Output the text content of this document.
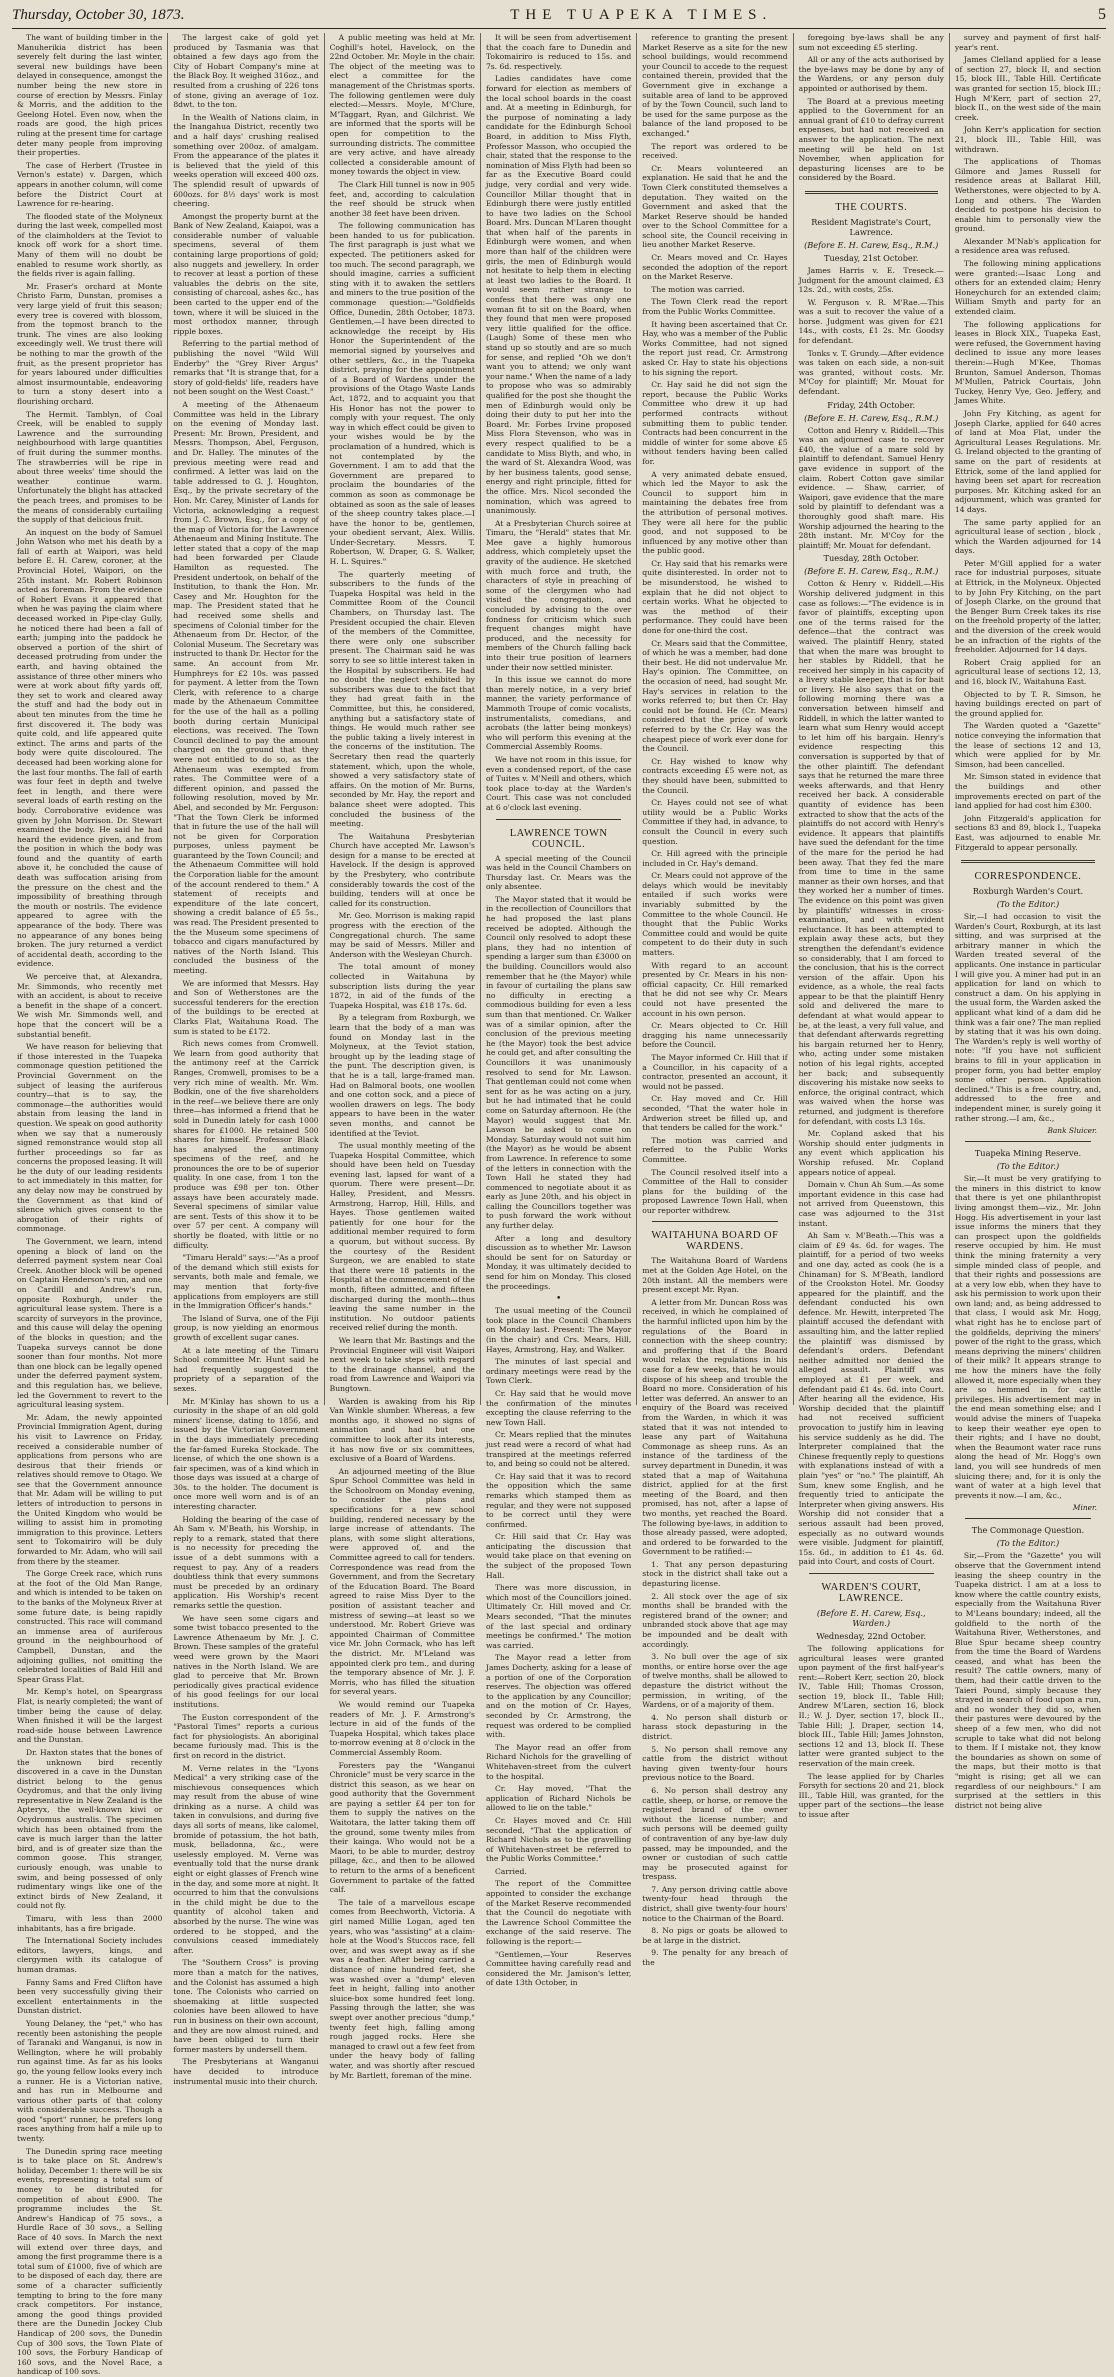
Thursday, October 30, 1873.	THE TUAPEKA TIMES.	5

The want of building timber in the Manuherikia district has been severely felt during the last winter, several new buildings have been delayed in consequence, amongst the number being the new store in course of erection by Messrs. Finlay & Morris, and the addition to the Geelong Hotel. Even now, when the roads are good, the high prices ruling at the present time for cartage deter many people from improving their properties.

The case of Herbert (Trustee in Vernon's estate) v. Dargen, which appears in another column, will come before the District Court at Lawrence for re-hearing.

The flooded state of the Molyneux during the last week, compelled most of the claimholders at the Teviot to knock off work for a short time. Many of them will no doubt be enabled to resume work shortly, as the fields river is again falling.

Mr. Fraser's orchard at Monte Christo Farm, Dunstan, promises a very large yield of fruit this season; every tree is covered with blossom, from the topmost branch to the trunk. The vines are also looking exceedingly well. We trust there will be nothing to mar the growth of the fruit, as the present proprietor has for years laboured under difficulties almost insurmountable, endeavoring to turn a stony desert into a flourishing orchard.

The Hermit. Tamblyn, of Coal Creek, will be enabled to supply Lawrence and the surrounding neighbourhood with large quantities of fruit during the summer months. The strawberries will be ripe in about three weeks' time should the weather continue warm. Unfortunately the blight has attacked the peach trees, and promises to be the means of considerably curtailing the supply of that delicious fruit.

An inquest on the body of Samuel John Watson who met his death by a fall of earth at Waipori, was held before E. H. Carew, coroner, at the Provincial Hotel, Waipori, on the 25th instant. Mr. Robert Robinson acted as foreman. From the evidence of Robert Evans it appeared that when he was paying the claim where deceased worked in Pipe-clay Gully, he noticed there had been a fall of earth; jumping into the paddock he observed a portion of the shirt of deceased protruding from under the earth, and having obtained the assistance of three other miners who were at work about fifty yards off, they set to work and cleared away the stuff and had the body out in about ten minutes from the time he first discovered it. The body was quite cold, and life appeared quite extinct. The arms and parts of the body were quite discoloured. The deceased had been working alone for the last four months. The fall of earth was four feet in depth and twelve feet in length, and there were several loads of earth resting on the body. Corroborative evidence was given by John Morrison. Dr. Stewart examined the body. He said he had heard the evidence given, and from the position in which the body was found and the quantity of earth above it, he concluded the cause of death was suffocation arising from the pressure on the chest and the impossibility of breathing through the mouth or nostrils. The evidence appeared to agree with the appearance of the body. There was no appearance of any bones being broken. The jury returned a verdict of accidental death, according to the evidence.

We perceive that, at Alexandra, Mr. Simmonds, who recently met with an accident, is about to receive a benefit in the shape of a concert. We wish Mr. Simmonds well, and hope that the concert will be a substantial benefit.

We have reason for believing that if those interested in the Tuapeka commonage question petitioned the Provincial Government on the subject of leasing the auriferous country—that is to say, the commonage—the authorities would abstain from leasing the land in question. We speak on good authority when we say that a numerously signed remonstrance would stop all further proceedings so far as concerns the proposed leasing. It will be the duty of our leading residents to act immediately in this matter, for any delay now may be construed by the Government as that kind of silence which gives consent to the abrogation of their rights of commonage.

The Government, we learn, intend opening a block of land on the deferred payment system near Coal Creek. Another block will be opened on Captain Henderson's run, and one on Cardill and Andrew's run, opposite Roxburgh, under the agricultural lease system. There is a scarcity of surveyors in the province, and this cause will delay the opening of the blocks in question; and the Tuapeka surveys cannot be done sooner than four months. Not more than one block can be legally opened under the deferred payment system, and this regulation has, we believe, led the Government to revert to the agricultural leasing system.

Mr. Adam, the newly appointed Provincial Immigration Agent, during his visit to Lawrence on Friday, received a considerable number of applications from persons who are desirous that their friends or relatives should remove to Otago. We see that the Government announce that Mr. Adam will be willing to put letters of introduction to persons in the United Kingdom who would be willing to assist him in promoting immigration to this province. Letters sent to Tokomairiro will be duly forwarded to Mr. Adam, who will sail from there by the steamer.

The Gorge Creek race, which runs at the foot of the Old Man Range, and which is intended to be taken on to the banks of the Molyneux River at some future date, is being rapidly constructed. This race will command an immense area of auriferous ground in the neighbourhood of Campbell, Dunstan, and the adjoining gullies, not omitting the celebrated localities of Bald Hill and Spear Grass Flat.

Mr. Kemp's hotel, on Speargrass Flat, is nearly completed; the want of timber being the cause of delay. When finished it will be the largest road-side house between Lawrence and the Dunstan.

Dr. Haxton states that the bones of the unknown bird recently discovered in a cave in the Dunstan district belong to the genus Ocydromus, and that the only living representative in New Zealand is the Apteryx, the well-known kiwi or Ocydromus australis. The specimen which has been obtained from the cave is much larger than the latter bird, and is of greater size than the common goose. This stranger, curiously enough, was unable to swim, and being possessed of only rudimentary wings like one of the extinct birds of New Zealand, it could not fly.

Timaru, with less than 2000 inhabitants, has a fire brigade.

The International Society includes editors, lawyers, kings, and clergymen with its catalogue of human dramas.

Fanny Sams and Fred Clifton have been very successfully giving their excellent entertainments in the Dunstan district.

Young Delaney, the "pet," who has recently been astonishing the people of Taranaki and Wanganui, is now in Wellington, where he will probably run against time. As far as his looks go, the young fellow looks every inch a runner. He is a Victorian native, and has run in Melbourne and various other parts of that colony with considerable success. Though a good "sport" runner, he prefers long races anything from half a mile up to twenty.

The Dunedin spring race meeting is to take place on St. Andrew's holiday, December 1: there will be six events, representing a total sum of money to be distributed for competition of about £900. The programme includes the St. Andrew's Handicap of 75 sovs., a Hurdle Race of 30 sovs., a Selling Race of 40 sovs. In March the next will extend over three days, and among the first programme there is a total sum of £1000, five of which are to be disposed of each day, there are some of a character sufficiently tempting to bring to the fore many crack competitors. For instance, among the good things provided there are the Dunedin Jockey Club Handicap of 200 sovs, the Dunedin Cup of 300 sovs, the Town Plate of 100 sovs, the Forbury Handicap of 160 sovs, and the Novel Race, a handicap of 100 sovs.

The largest cake of gold yet produced by Tasmania was that obtained a few days ago from the City of Hobart Company's mine at the Black Boy. It weighed 316oz., and resulted from a crushing of 226 tons of stone, giving an average of 1oz. 8dwt. to the ton.

In the Wealth of Nations claim, in the Inangahua District, recently two and a half days' crushing realised something over 200oz. of amalgam. From the appearance of the plates it is believed that the yield of this weeks operation will exceed 400 ozs. The splendid result of upwards of 600ozs. for 8½ days' work is most cheering.

Amongst the property burnt at the Bank of New Zealand, Kaiapoi, was a considerable number of valuable specimens, several of them containing large proportions of gold; also nuggets and jewellery. In order to recover at least a portion of these valuables the debris on the site, consisting of charcoal, ashes &c., has been carted to the upper end of the town, where it will be sluiced in the most orthodox manner, through ripple boxes.

Referring to the partial method of publishing the novel "Wild Will Enderby" the "Grey River Argus" remarks that "It is strange that, for a story of gold-fields' life, readers have not been sought on the West Coast."

A meeting of the Athenaeum Committee was held in the Library on the evening of Monday last. Present: Mr. Brown, President, and Messrs. Thompson, Abel, Ferguson, and Dr. Halley. The minutes of the previous meeting were read and confirmed. A letter was laid on the table addressed to G. J. Houghton, Esq., by the private secretary of the Hon. Mr. Carey, Minister of Lands for Victoria, acknowledging a request from J. C. Brown, Esq., for a copy of the map of Victoria for the Lawrence Athenaeum and Mining Institute. The letter stated that a copy of the map had been forwarded per Claude Hamilton as requested. The President undertook, on behalf of the Institution, to thank the Hon. Mr. Casey and Mr. Houghton for the map. The President stated that he had received some shells and specimens of Colonial timber for the Athenaeum from Dr. Hector, of the Colonial Museum. The Secretary was instructed to thank Dr. Hector for the same. An account from Mr. Humphreys for £2 10s. was passed for payment. A letter from the Town Clerk, with reference to a charge made by the Athenaeum Committee for the use of the hall as a polling booth during certain Municipal elections, was received. The Town Council declined to pay the amount charged on the ground that they were not entitled to do so, as the Athenaeum was exempted from rates. The Committee were of a different opinion, and passed the following resolution, moved by Mr. Abel, and seconded by Mr. Ferguson: "That the Town Clerk be informed that in future the use of the hall will not be given for Corporation purposes, unless payment be guaranteed by the Town Council; and the Athenaeum Committee will hold the Corporation liable for the amount of the account rendered to them." A statement of receipts and expenditure of the late concert, showing a credit balance of £5 5s., was read. The President presented to the the Museum some specimens of tobacco and cigars manufactured by natives of the North Island. This concluded the business of the meeting.

We are informed that Messrs. Hay and Son of Wetherstones are the successful tenderers for the erection of the buildings to be erected at Clarks Flat, Waitahuna Road. The sum is stated to be £172.

Rich news comes from Cromwell. We learn from good authority that the antimony reef at the Carrick Ranges, Cromwell, promises to be a very rich mine of wealth. Mr. Wm. Bodkin, one of the five shareholders in the reef—we believe there are only three—has informed a friend that he sold in Dunedin lately for cash 1000 shares for £1000. He retained 500 shares for himself. Professor Black has analysed the antimony specimens of the reef, and he pronounces the ore to be of superior quality. In one case, from 1 ton the produce was £98 per ton. Other assays have been accurately made. Several specimens of similar value are sent. Tests of this show it to be over 57 per cent. A company will shortly be floated, with little or no difficulty.

"Timaru Herald" says:—"As a proof of the demand which still exists for servants, both male and female, we may mention that forty-five applications from employers are still in the Immigration Officer's hands."

The Island of Surva, one of the Fiji group, is now yielding an enormous growth of excellent sugar canes.

At a late meeting of the Timaru School committee Mr. Hunt said he had frequently suggested the propriety of a separation of the sexes.

Mr. M'Kinlay has shown to us a curiosity in the shape of an old gold miners' license, dating to 1856, and issued by the Victorian Government in the days immediately preceding the far-famed Eureka Stockade. The license, of which the one shown is a fair specimen, was of a kind which in those days was issued at a charge of 30s. to the holder. The document is once more well worn and is of an interesting character.

Holding the bearing of the case of Ah Sam v. M'Beath, his Worship, in reply to a remark, stated that there is no necessity for preceding the issue of a debt summons with a request to pay. Any of a readers doubtless think that every summons must be preceded by an ordinary application. His Worship's recent remarks settle the question.

We have seen some cigars and some twist tobacco presented to the Lawrence Athenaeum by Mr. J. C. Brown. These samples of the grateful weed were grown by the Maori natives in the North Island. We are glad to perceive that Mr. Brown periodically gives practical evidence of his good feelings for our local institutions.

The Euston correspondent of the "Pastoral Times" reports a curious fact for physiologists. An aboriginal became furiously mad. This is the first on record in the district.

M. Verne relates in the "Lyons Medical" a very striking case of the mischievous consequences which may result from the abuse of wine drinking as a nurse. A child was taken in convulsions, and during five days all sorts of means, like calomel, bromide of potassium, the hot bath, musk, belladonna, &c., were uselessly employed. M. Verne was eventually told that the nurse drank eight or eight glasses of French wine in the day, and some more at night. It occurred to him that the convulsions in the child might be due to the quantity of alcohol taken and absorbed by the nurse. The wine was ordered to be stopped, and the convulsions ceased immediately after.

The "Southern Cross" is proving more than a match for the natives, and the Colonist has assumed a high tone. The Colonists who carried on shoemaking at little suspected colonies have been allowed to have run in business on their own account, and they are now almost ruined, and have been obliged to turn their former masters by undersell them.

The Presbyterians at Wanganui have decided to introduce instrumental music into their church.

A public meeting was held at Mr. Coghill's hotel, Havelock, on the 22nd October. Mr. Moyle in the chair. The object of the meeting was to elect a committee for the management of the Christmas sports. The following gentlemen were duly elected:—Messrs. Moyle, M'Clure, M'Taggart, Ryan, and Gilchrist. We are informed that the sports will be open for competition to the surrounding districts. The committee are very active, and have already collected a considerable amount of money towards the object in view.

The Clark Hill tunnel is now in 905 feet, and, according to calculation the reef should be struck when another 38 feet have been driven.

The following communication has been handed to us for publication. The first paragraph is just what we expected. The petitioners asked for too much. The second paragraph, we should imagine, carries a sufficient sting with it to awaken the settlers and miners to the true position of the commonage question:—"Goldfields Office, Dunedin, 28th October, 1873. Gentlemen,—I have been directed to acknowledge the receipt by His Honor the Superintendent of the memorial signed by yourselves and other settlers, &c., in the Tuapeka district, praying for the appointment of a Board of Wardens under the provisions of the Otago Waste Lands Act, 1872, and to acquaint you that His Honor has not the power to comply with your request. The only way in which effect could be given to your wishes would be by the proclamation of a hundred, which is not contemplated by the Government. I am to add that the Government are prepared to proclaim the boundaries of the common as soon as commonage be obtained as soon as the sale of leases of the sheep country takes place.—I have the honor to be, gentlemen, your obedient servant, Alex. Willis. Under-Secretary. Messrs. T. Robertson, W. Draper, G. S. Walker, H. L. Squires."

The quarterly meeting of subscribers to the funds of the Tuapeka Hospital was held in the Committee Room of the Council Chambers, on Thursday last. The President occupied the chair. Eleven of the members of the Committee, there were only one subscriber present. The Chairman said he was sorry to see so little interest taken in the Hospital by subscribers. He had no doubt the neglect exhibited by subscribers was due to the fact that they had great faith in the Committee, but this, he considered, anything but a satisfactory state of things. He would much rather see the public taking a lively interest in the concerns of the institution. The Secretary then read the quarterly statement, which, upon the whole, showed a very satisfactory state of affairs. On the motion of Mr. Burns, seconded by Mr. Hay, the report and balance sheet were adopted. This concluded the business of the meeting.

The Waitahuna Presbyterian Church have accepted Mr. Lawson's design for a manse to be erected at Havelock. If the design is approved by the Presbytery, who contribute considerably towards the cost of the building, tenders will at once be called for its construction.

Mr. Geo. Morrison is making rapid progress with the erection of the Congregational church. The same may be said of Messrs. Miller and Anderson with the Wesleyan Church.

The total amount of money collected in Waitahuna by subscription lists during the year 1872, in aid of the funds of the Tuapeka Hospital, was £18 17s. 6d.

By a telegram from Roxburgh, we learn that the body of a man was found on Monday last in the Molyneux, at the Teviot station, brought up by the leading stage of the punt. The description given, is that he is a tall, large-framed man. Had on Balmoral boots, one woollen and one cotton sock, and a piece of woollen drawers on legs. The body appears to have been in the water seven months, and cannot be identified at the Teviot.

The usual monthly meeting of the Tuapeka Hospital Committee, which should have been held on Tuesday evening last, lapsed for want of a quorum. There were present—Dr. Halley, President, and Messrs. Armstrong, Harrop, Hill, Hills, and Hayes. Those gentlemen waited patiently for one hour for the additional member required to form a quorum, but without success. By the courtesy of the Resident Surgeon, we are enabled to state that there were 18 patients in the Hospital at the commencement of the month, fifteen admitted, and fifteen discharged during the month—thus leaving the same number in the institution. No outdoor patients received relief during the month.

We learn that Mr. Bastings and the Provincial Engineer will visit Waipori next week to take steps with regard to the drainage channel, and the road from Lawrence and Waipori via Bungtown.

Warden is awaking from his Rip Van Winkle slumber. Whereas, a few months ago, it showed no signs of animation and had but one committee to look after its interests, it has now five or six committees, exclusive of a Board of Wardens.

An adjourned meeting of the Blue Spur School Committee was held in the Schoolroom on Monday evening, to consider the plans and specifications for a new school building, rendered necessary by the large increase of attendants. The plans, with some slight alterations, were approved of, and the Committee agreed to call for tenders. Correspondence was read from the Government, and from the Secretary of the Education Board. The Board agreed to raise Miss Dyer to the position of assistant teacher and mistress of sewing—at least so we understood. Mr. Robert Grieve was appointed Chairman of Committee vice Mr. John Cormack, who has left the district. Mr. M'Leland was appointed clerk pro tem., and during the temporary absence of Mr. J. F. Morris, who has filled the situation for several years.

We would remind our Tuapeka readers of Mr. J. F. Armstrong's lecture in aid of the funds of the Tuapeka Hospital, which takes place to-morrow evening at 8 o'clock in the Commercial Assembly Room.

Foresters pay the "Wanganui Chronicle" must be very scarce in the district this season, as we hear on good authority that the Government are paying a settler £4 per ton for them to supply the natives on the Waitotara, the latter taking them off the ground, some twenty miles from their kainga. Who would not be a Maori, to be able to murder, destroy pillage, &c., and then to be allowed to return to the arms of a beneficent Government to partake of the fatted calf.

The tale of a marvellous escape comes from Beechworth, Victoria. A girl named Millie Logan, aged ten years, who was "assisting" at a claim-hole at the Wood's Stuccos race, fell over, and was swept away as if she was a feather. After being carried a distance of nine hundred feet, she was washed over a "dump" eleven feet in height, falling into another sluice-box some hundred feet long. Passing through the latter, she was swept over another precious "dump," twenty feet high, falling among rough jagged rocks. Here she managed to crawl out a few feet from under the heavy body of falling water, and was shortly after rescued by Mr. Bartlett, foreman of the mine.

It will be seen from advertisement that the coach fare to Dunedin and Tokomairiro is reduced to 15s. and 7s. 6d. respectively.

Ladies candidates have come forward for election as members of the local school boards in the coast and. At a meeting in Edinburgh, for the purpose of nominating a lady candidate for the Edinburgh School Board, in addition to Miss Flyth, Professor Masson, who occupied the chair, stated that the response to the nomination of Miss Flyth had been so far as the Executive Board could judge, very cordial and very wide. Councillor Millar thought that in Edinburgh there were justly entitled to have two ladies on the School Board. Mrs. Duncan M'Laren thought that when half of the parents in Edinburgh were women, and when more than half of the children were girls, the men of Edinburgh would not hesitate to help them in electing at least two ladies to the Board. It would seem rather strange to confess that there was only one woman fit to sit on the Board, when they found that men were proposed very little qualified for the office. (Laugh) Some of these men who stand up so stoutly and are so much for sense, and replied "Oh we don't want you to attend; we only want your name." When the name of a lady to propose who was so admirably qualified for the post she thought the men of Edinburgh would only be doing their duty to put her into the Board. Mr. Forbes Irvine proposed Miss Flora Stevenson, who was in every respect qualified to be a candidate to Miss Blyth, and who, in the ward of St. Alexandra Wood, was by her business talents, good sense, energy and right principle, fitted for the office. Mrs. Nicol seconded the nomination, which was agreed to unanimously.

At a Presbyterian Church soiree at Timaru, the "Herald" states that Mr. Mee gave a highly humorous address, which completely upset the gravity of the audience. He sketched with much force and truth, the characters of style in preaching of some of the clergymen who had visited the congregation, and concluded by advising to the over fondness for criticism which such frequent changes might have produced, and the necessity for members of the Church falling back into their true position of learners under their now settled minister.

In this issue we cannot do more than merely notice, in a very brief manner, the variety performance of Mammoth Troupe of comic vocalists, instrumentalists, comedians, and acrobats (the latter being monkeys) who will perform this evening at the Commercial Assembly Rooms.

We have not room in this issue, for even a condensed report, of the case of Tuites v. M'Neill and others, which took place to-day at the Warden's Court. This case was not concluded at 6 o'clock last evening.

LAWRENCE TOWN COUNCIL.

A special meeting of the Council was held in the Council Chambers on Thursday last. Cr. Mears was the only absentee.

The Mayor stated that it would be in the recollection of Councillors that he had proposed the last plans received be adopted. Although the Council only resolved to adopt these plans, they had no intention of spending a larger sum than £3000 on the building. Councillors would also remember that he (the Mayor) while in favour of curtailing the plans saw no difficulty in erecting a commodious building for even a less sum than that mentioned. Cr. Walker was of a similar opinion, after the conclusion of the previous meeting he (the Mayor) took the best advice he could get, and after consulting the Councillors it was unanimously resolved to send for Mr. Lawson. That gentleman could not come when sent for as he was acting on a jury, but he had intimated that he could come on Saturday afternoon. He (the Mayor) would suggest that Mr. Lawson be asked to come on Monday. Saturday would not suit him (the Mayor) as he would be absent from Lawrence. In reference to some of the letters in connection with the Town Hall he stated they had commenced to negotiate about it as early as June 20th, and his object in calling the Councillors together was to push forward the work without any further delay.

After a long and desultory discussion as to whether Mr. Lawson should be sent for on Saturday or Monday, it was ultimately decided to send for him on Monday. This closed the proceedings.

•

The usual meeting of the Council took place in the Council Chambers on Monday last. Present: The Mayor (in the chair) and Crs. Mears, Hill, Hayes, Armstrong, Hay, and Walker.

The minutes of last special and ordinary meetings were read by the Town Clerk.

Cr. Hay said that he would move the confirmation of the minutes excepting the clause referring to the new Town Hall.

Cr. Mears replied that the minutes just read were a record of what had transpired at the meetings referred to, and being so could not be altered.

Cr. Hay said that it was to record the opposition which the same remarks which stamped them as regular, and they were not supposed to be correct until they were confirmed.

Cr. Hill said that Cr. Hay was anticipating the discussion that would take place on that evening on the subject of the proposed Town Hall.

There was more discussion, in which most of the Councillors joined. Ultimately Cr. Hill moved and Cr. Mears seconded, "That the minutes of the last special and ordinary meetings be confirmed." The motion was carried.

The Mayor read a letter from James Docherty, asking for a lease of a portion of one of the Corporation reserves. The objection was offered to the application by any Councillor; and on the motion of Cr. Hayes, seconded by Cr. Armstrong, the request was ordered to be complied with.

The Mayor read an offer from Richard Nichols for the gravelling of Whitehaven-street from the culvert to the hospital.

Cr. Hay moved, "That the application of Richard Nichols be allowed to lie on the table."

Cr. Hayes moved and Cr. Hill seconded, "That the application of Richard Nichols as to the gravelling of Whitehaven-street be referred to the Public Works Committee."

Carried.

The report of the Committee appointed to consider the exchange of the Market Reserve recommended that the Council do negotiate with the Lawrence School Committee the exchange of the said reserve. The following is the report:—

"Gentlemen,—Your Reserves Committee having carefully read and considered the Mr. Jamison's letter, of date 13th October, in

reference to granting the present Market Reserve as a site for the new school buildings, would recommend your Council to accede to the request contained therein, provided that the Government give in exchange a suitable area of land to be approved of by the Town Council, such land to be used for the same purpose as the balance of the land proposed to be exchanged."

The report was ordered to be received.

Cr. Mears volunteered an explanation. He said that he and the Town Clerk constituted themselves a deputation. They waited on the Government and asked that the Market Reserve should be handed over to the School Committee for a school site, the Council receiving in lieu another Market Reserve.

Cr. Mears moved and Cr. Hayes seconded the adoption of the report on the Market Reserve.

The motion was carried.

The Town Clerk read the report from the Public Works Committee.

It having been ascertained that Cr. Hay, who was a member of the Public Works Committee, had not signed the report just read, Cr. Armstrong asked Cr. Hay to state his objections to his signing the report.

Cr. Hay said he did not sign the report, because the Public Works Committee who drew it up had performed contracts without submitting them to public tender. Contracts had been concurrent in the middle of winter for some above £5 without tenders having been called for.

A very animated debate ensued, which led the Mayor to ask the Council to support him in maintaining the debates free from the attribution of personal motives. They were all here for the public good, and not supposed to be influenced by any motive other than the public good.

Cr. Hay said that his remarks were quite disinterested. In order not to be misunderstood, he wished to explain that he did not object to certain works. What he objected to was the method of their performance. They could have been done for one-third the cost.

Cr. Mears said that the Committee, of which he was a member, had done their best. He did not undervalue Mr. Hay's opinion. The Committee, on the occasion of need, had sought Mr. Hay's services in relation to the works referred to; but then Cr. Hay could not be found. He (Cr. Mears) considered that the price of work referred to by the Cr. Hay was the cheapest piece of work ever done for the Council.

Cr. Hay wished to know why contracts exceeding £5 were not, as they should have been, submitted to the Council.

Cr. Hayes could not see of what utility would be a Public Works Committee if they had, in advance, to consult the Council in every such question.

Cr. Hill agreed with the principle included in Cr. Hay's demand.

Cr. Mears could not approve of the delays which would be inevitably entailed if such works were invariably submitted by the Committee to the whole Council. He thought that the Public Works Committee could and would be quite competent to do their duty in such matters.

With regard to an account presented by Cr. Mears in his non-official capacity, Cr. Hill remarked that he did not see why Cr. Mears could not have presented the account in his own person.

Cr. Mears objected to Cr. Hill dragging his name unnecessarily before the Council.

The Mayor informed Cr. Hill that if a Councillor, in his capacity of a contractor, presented an account, it would not be passed.

Cr. Hay moved and Cr. Hill seconded, "That the water hole in Ardwerion street be filled up, and that tenders be called for the work."

The motion was carried and referred to the Public Works Committee.

The Council resolved itself into a Committee of the Hall to consider plans for the building of the proposed Lawrence Town Hall, when our reporter withdrew.

WAITAHUNA BOARD OF WARDENS.

The Waitahuna Board of Wardens met at the Golden Age Hotel, on the 20th instant. All the members were present except Mr. Ryan.

A letter from Mr. Duncan Ross was received, in which he complained of the harmful inflicted upon him by the regulations of the Board in connection with the sheep country; and proffering that if the Board would relax the regulations in his case for a few weeks, that he would dispose of his sheep and trouble the Board no more. Consideration of his letter was deferred. An answer to an enquiry of the Board was received from the Warden, in which it was stated that it was not intended to lease any part of Waitahuna Commonage as sheep runs. As an instance of the tardiness of the survey department in Dunedin, it was stated that a map of Waitahuna district, applied for at the first meeting of the Board, and then promised, has not, after a lapse of two months, yet reached the Board. The following bye-laws, in addition to those already passed, were adopted, and ordered to be forwarded to the Government to be ratified:—

1. That any person depasturing stock in the district shall take out a depasturing license.

2. All stock over the age of six months shall be branded with the registered brand of the owner; and unbranded stock above that age may be impounded and be dealt with accordingly.

3. No bull over the age of six months, or entire horse over the age of twelve months, shall be allowed to depasture the district without the permission, in writing, of the Wardens, or of a majority of them.

4. No person shall disturb or harass stock depasturing in the district.

5. No person shall remove any cattle from the district without having given twenty-four hours previous notice to the Board.

6. No person shall destroy any cattle, sheep, or horse, or remove the registered brand of the owner without the license number; and such persons will be deemed guilty of contravention of any bye-law duly passed, may be impounded, and the owner or custodian of such cattle may be prosecuted against for trespass.

7. Any person driving cattle above twenty-four head through the district, shall give twenty-four hours' notice to the Chairman of the Board.

8. No pigs or goats be allowed to be at large in the district.

9. The penalty for any breach of the

foregoing bye-laws shall be any sum not exceeding £5 sterling.

All or any of the acts authorised by the bye-laws may be done by any of the Wardens, or any person duly appointed or authorised by them.

The Board at a previous meeting applied to the Government for an annual grant of £10 to defray current expenses, but had not received an answer to the application. The next meeting will be held on 1st November, when application for depasturing licenses are to be considered by the Board.

THE COURTS.
Resident Magistrate's Court, Lawrence.
(Before E. H. Carew, Esq., R.M.)
Tuesday, 21st October.

James Harris v. E. Treseck.—Judgment for the amount claimed, £3 12s. 2d., with costs, 25s.

W. Ferguson v. R. M'Rae.—This was a suit to recover the value of a horse. Judgment was given for £21 14s., with costs, £1 2s. Mr. Goodsy for defendant.

Tonks v. T. Grundy.—After evidence was taken on each side, a non-suit was granted, without costs. Mr. M'Coy for plaintiff; Mr. Mouat for defendant.

Friday, 24th October.
(Before E. H. Carew, Esq., R.M.)

Cotton and Henry v. Riddell.—This was an adjourned case to recover £40, the value of a mare sold by plaintiff to defendant. Samuel Henry gave evidence in support of the claim. Robert Cotton gave similar evidence. — Shaw, carrier, of Waipori, gave evidence that the mare sold by plaintiff to defendant was a thoroughly good shaft mare. His Worship adjourned the hearing to the 28th instant. Mr. M'Coy for the plaintiff; Mr. Mouat for defendant.

Tuesday, 28th October.
(Before E. H. Carew, Esq., R.M.)

Cotton & Henry v. Riddell.—His Worship delivered judgment in this case as follows:—"The evidence is in favor of plaintiffs, excepting upon one of the terms raised for the defence—that the contract was waived. The plaintiff Henry, stated that when the mare was brought to her stables by Riddell, that he received her simply in his capacity of a livery stable keeper, that is for bait or livery. He also says that on the following morning there was a conversation between himself and Riddell, in which the latter wanted to learn what sum Henry would accept to let him off his bargain. Henry's evidence respecting this conversation is supported by that of the other plaintiff. The defendant says that he returned the mare three weeks afterwards, and that Henry received her back. A considerable quantity of evidence has been extracted to show that the acts of the plaintiffs do not accord with Henry's evidence. It appears that plaintiffs have sued the defendant for the time of the mare for the period he had been away. That they fed the mare from time to time in the same manner as their own horses, and that they worked her a number of times. The evidence on this point was given by plaintiffs' witnesses in cross-examination, and with evident reluctance. It has been attempted to explain away these acts, but they strengthen the defendant's evidence so considerably, that I am forced to the conclusion, that his is the correct version of the affair. Upon his evidence, as a whole, the real facts appear to be that the plaintiff Henry sold and delivered the mare to defendant at what would appear to be, at the least, a very full value, and that defendant afterwards regretting his bargain returned her to Henry, who, acting under some mistaken notion of his legal rights, accepted her back; and subsequently discovering his mistake now seeks to enforce, the original contract, which was waived when the horse was returned, and judgment is therefore for defendant, with costs L3 16s.

Mr. Copland asked that his Worship should enter judgments in any event which application his Worship refused. Mr. Copland appears notice of appeal.

Domain v. Chun Ah Sum.—As some important evidence in this case had not arrived from Queenstown, this case was adjourned to the 31st instant.

Ah Sam v. M'Beath.—This was a claim of £9 4s. 6d. for wages. The plaintiff, for a period of two weeks and one day, acted as cook (he is a Chinaman) for S. M'Beath, landlord of the Crookston Hotel. Mr. Goodsy appeared for the plaintiff, and the defendant conducted his own defence. Mr. Hewitt, interpreted The plaintiff accused the defendant with assaulting him, and the latter replied the plaintiff was dismissed by defendant's orders. Defendant neither admitted nor denied the alleged assault. Plaintiff was employed at £1 per week, and defendant paid £1 4s. 6d. into Court. After hearing all the evidence, His Worship decided that the plaintiff had not received sufficient provocation to justify him in leaving his service suddenly as he did. The Interpreter complained that the Chinese frequently reply to questions with explanations instead of with a plain "yes" or "no." The plaintiff, Ah Sum, knew some English, and he frequently tried to anticipate the Interpreter when giving answers. His Worship did not consider that a serious assault had been proved, especially as no outward wounds were visible. Judgment for plaintiff, 15s. 6d., in addition to £1 4s. 6d. paid into Court, and costs of Court.

WARDEN'S COURT, LAWRENCE.
(Before E. H. Carew, Esq., Warden.)
Wednesday, 22nd October.

The following applications for agricultural leases were granted upon payment of the first half-year's rent:—Robert Kerr, section 20, block IV., Table Hill; Thomas Crosson, section 19, block II., Table Hill; Andrew M'Laren, section 16, block II.; W. J. Dyer, section 17, block II., Table Hill; J. Draper, section 14, block III., Table Hill; James Johnston, sections 12 and 13, block II. These latter were granted subject to the reservation of the main creek.

The lease applied for by Charles Forsyth for sections 20 and 21, block III., Table Hill, was granted, for the upper part of the sections—the lease to issue after

survey and payment of first half-year's rent.

James Clelland applied for a lease of section 27, block II, and section 15, block III., Table Hill. Certificate was granted for section 15, block III.; Hugh M'Kerr, part of section 27, block II., on the west side of the main creek.

John Kerr's application for section 21, block III., Table Hill, was withdrawn.

The applications of Thomas Gilmore and James Russell for residence areas at Ballarat Hill, Wetherstones, were objected to by A. Long and others. The Warden decided to postpone his decision to enable him to personally view the ground.

Alexander M'Nab's application for a residence area was refused.

The following mining applications were granted:—Isaac Long and others for an extended claim; Henry Honeychurch for an extended claim; William Smyth and party for an extended claim.

The following applications for leases in Block XIX., Tuapeka East, were refused, the Government having declined to issue any more leases therein:—Hugh M'Kee, Thomas Brunton, Samuel Anderson, Thomas M'Mullen, Patrick Courtais, John Tuckey, Henry Vye, Geo. Jeffery, and James White.

John Fry Kitching, as agent for Joseph Clarke, applied for 640 acres of land at Moa Flat, under the Agricultural Leases Regulations. Mr. G. Ireland objected to the granting of same on the part of residents at Ettrick, some of the land applied for having been set apart for recreation purposes. Mr. Kitching asked for an adjournment, which was granted for 14 days.

The same party applied for an agricultural lease of section , block , which the Warden adjourned for 14 days.

Peter M'Gill applied for a water race for industrial purposes, situate at Ettrick, in the Molyneux. Objected to by John Fry Kitching, on the part of Joseph Clarke, on the ground that the Benger Burn Creek takes its rise on the freehold property of the latter, and the diversion of the creek would be an infraction of the rights of the freeholder. Adjourned for 14 days.

Robert Craig applied for an agricultural lease of sections 12, 13, and 16, block IV., Waitahuna East.

Objected to by T. R. Simson, he having buildings erected on part of the ground applied for.

The Warden quoted a "Gazette" notice conveying the information that the lease of sections 12 and 13, which were applied for by Mr. Simson, had been cancelled.

Mr. Simson stated in evidence that the buildings and other improvements erected on part of the land applied for had cost him £300.

John Fitzgerald's application for sections 83 and 89, block I., Tuapeka East, was adjourned to enable Mr. Fitzgerald to appear personally.

CORRESPONDENCE.
Roxburgh Warden's Court.
(To the Editor.)

Sir,—I had occasion to visit the Warden's Court, Roxburgh, at its last sitting, and was surprised at the arbitrary manner in which the Warden treated several of the applicants. One instance in particular I will give you. A miner had put in an application for land on which to construct a dam. On his applying in the usual form, the Warden asked the applicant what kind of a dam did he think was a fair one? The man replied by stating that it was his own doing. The Warden's reply is well worthy of note: "If you have not sufficient brains to fill in your application in proper form, you had better employ some other person. Application declined." This is a free country, and, addressed to the free and independent miner, is surely going it rather strong.—I am, &c.,

Bank Sluicer.
Tuapeka Mining Reserve.
(To the Editor.)

Sir,—It must be very gratifying to the miners in this district to know that there is yet one philanthropist living amongst them—viz., Mr. John Hogg. His advertisement in your last issue informs the miners that they can prospect upon the goldfields reserve occupied by him. He must think the mining fraternity a very simple minded class of people, and that their rights and possessions are at a very low ebb, when they have to ask his permission to work upon their own land; and, as being addressed to that class, I would ask Mr. Hogg, what right has he to enclose part of the goldfields, depriving the miners' power of the right to the grass, which means depriving the miners' children of their milk? It appears strange to me how the miners have the folly allowed it, more especially when they are so hemmed in for cattle privileges. His advertisement may in the end mean something else; and I would advise the miners of Tuapeka to keep their weather eye open to their rights; and I have no doubt, when the Beaumont water race runs along the head of Mr. Hogg's own land, you will see hundreds of men sluicing there; and, for it is only the want of water at a high level that prevents it now.—I am, &c.,

Miner.
The Commonage Question.
(To the Editor.)

Sir,—From the "Gazette" you will observe that the Government intend leasing the sheep country in the Tuapeka district. I am at a loss to know where the cattle country exists, especially from the Waitahuna River to M'Leans boundary; indeed, all the goldfield to the north of the Waitahuna River, Wetherstones, and Blue Spur became sheep country from the time the Board of Wardens ceased, and what has been the result? The cattle owners, many of them, had their cattle driven to the Taieri Pound, simply because they strayed in search of food upon a run, and no wonder they did so, when their pastures were devoured by the sheep of a few men, who did not scruple to take what did not belong to them. If I mistake not, they know the boundaries as shown on some of the maps, but their motto is that "might is rising; get all we can regardless of our neighbours." I am surprised at the settlers in this district not being alive
